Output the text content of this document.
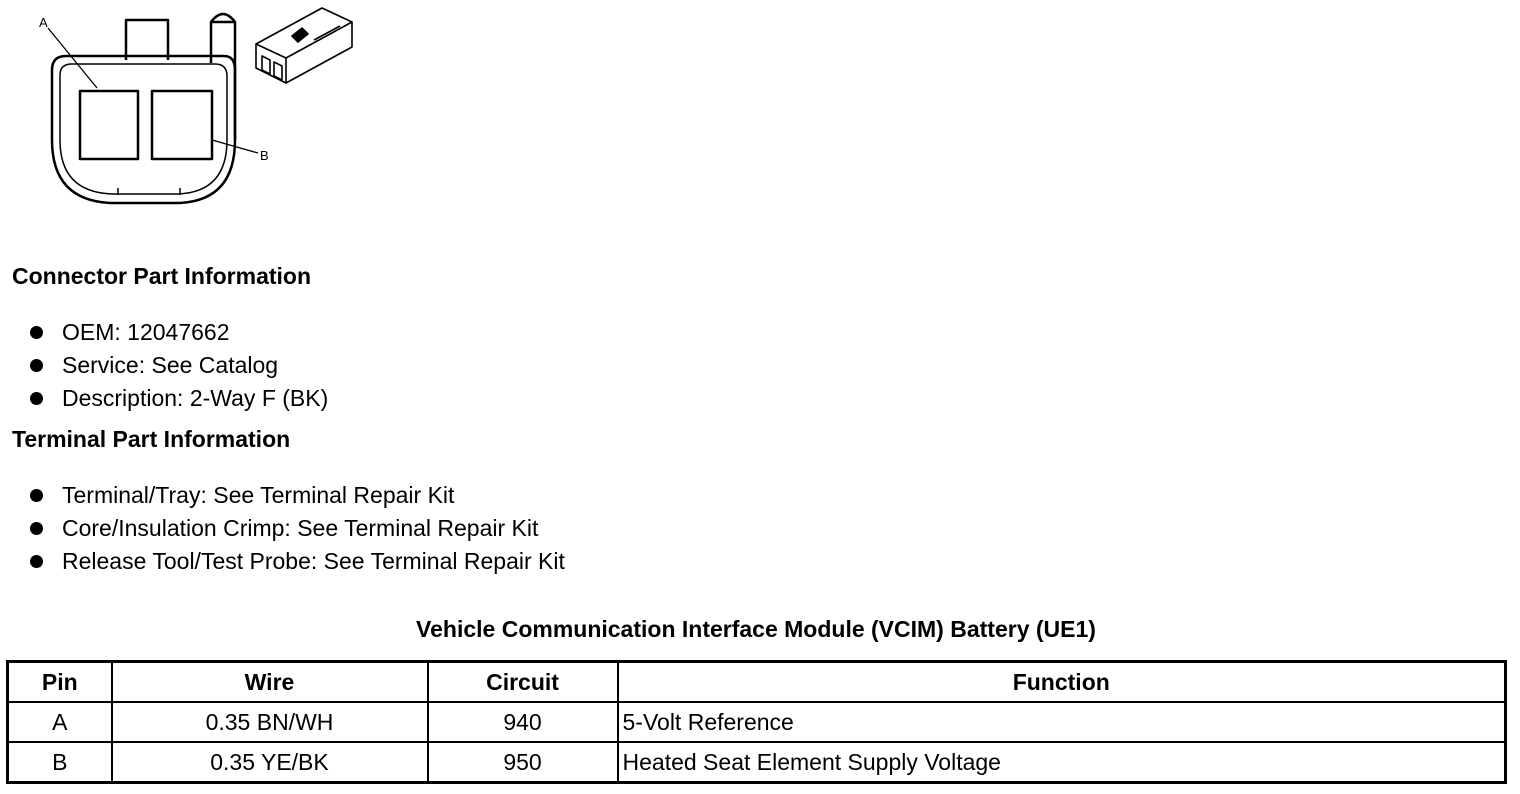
A
B
Connector Part Information
OEM: 12047662
Service: See Catalog
Description: 2-Way F (BK)
Terminal Part Information
Terminal/Tray: See Terminal Repair Kit
Core/Insulation Crimp: See Terminal Repair Kit
Release Tool/Test Probe: See Terminal Repair Kit
Vehicle Communication Interface Module (VCIM) Battery (UE1)
Pin	Wire	Circuit	Function
A	0.35 BN/WH	940	5-Volt Reference
B	0.35 YE/BK	950	Heated Seat Element Supply Voltage
